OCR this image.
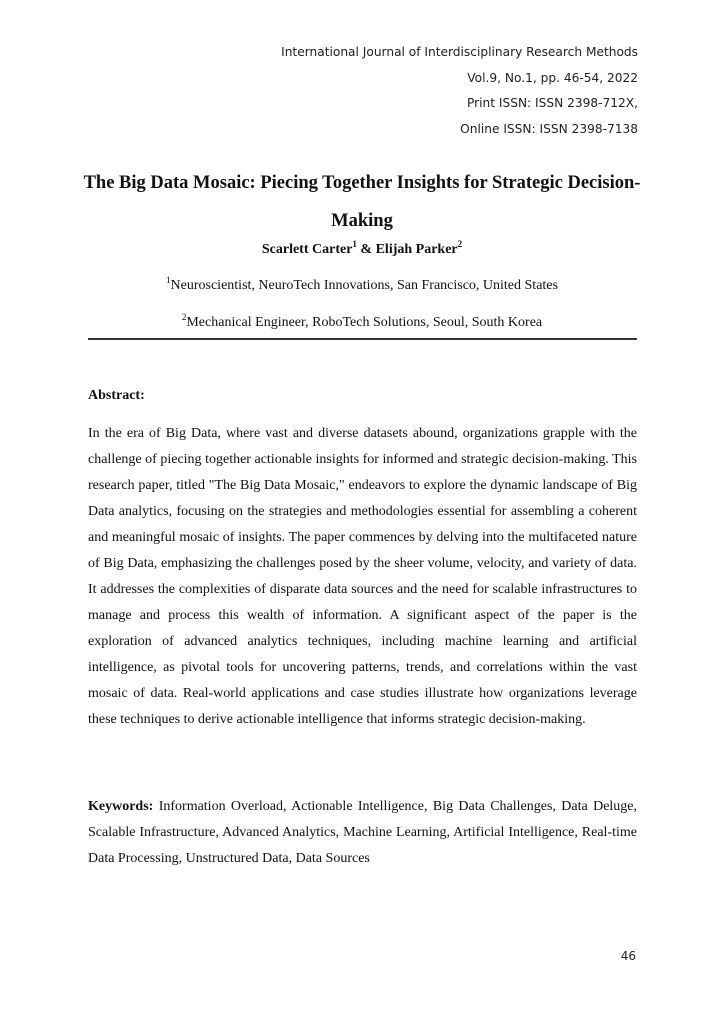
International Journal of Interdisciplinary Research Methods
Vol.9, No.1, pp. 46-54, 2022
Print ISSN: ISSN 2398-712X,
Online ISSN: ISSN 2398-7138
The Big Data Mosaic: Piecing Together Insights for Strategic Decision-Making
Scarlett Carter$^1$ & Elijah Parker$^2$
$^1$Neuroscientist, NeuroTech Innovations, San Francisco, United States
$^2$Mechanical Engineer, RoboTech Solutions, Seoul, South Korea
Abstract:

In the era of Big Data, where vast and diverse datasets abound, organizations grapple with the challenge of piecing together actionable insights for informed and strategic decision-making. This research paper, titled "The Big Data Mosaic," endeavors to explore the dynamic landscape of Big Data analytics, focusing on the strategies and methodologies essential for assembling a coherent and meaningful mosaic of insights. The paper commences by delving into the multifaceted nature of Big Data, emphasizing the challenges posed by the sheer volume, velocity, and variety of data. It addresses the complexities of disparate data sources and the need for scalable infrastructures to manage and process this wealth of information. A significant aspect of the paper is the exploration of advanced analytics techniques, including machine learning and artificial intelligence, as pivotal tools for uncovering patterns, trends, and correlations within the vast mosaic of data. Real-world applications and case studies illustrate how organizations leverage these techniques to derive actionable intelligence that informs strategic decision-making.

Keywords: Information Overload, Actionable Intelligence, Big Data Challenges, Data Deluge, Scalable Infrastructure, Advanced Analytics, Machine Learning, Artificial Intelligence, Real-time Data Processing, Unstructured Data, Data Sources

46
